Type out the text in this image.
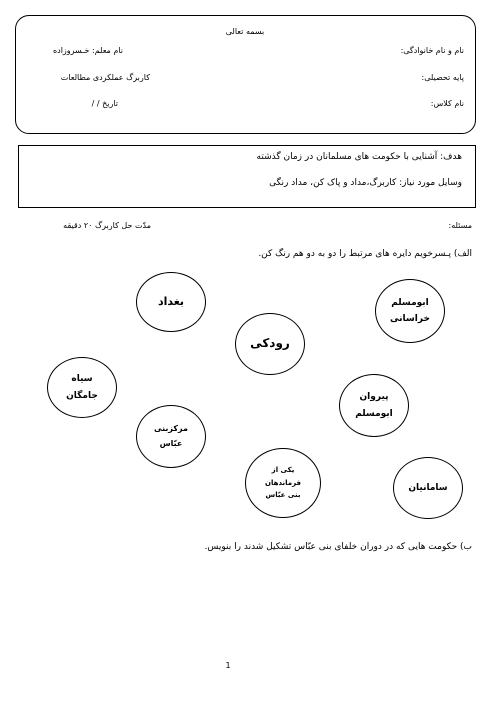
بسمه تعالی
نام و نام خانوادگی:
نام معلم: خـسروزاده
پایه تحصیلی:
کاربرگ عملکردی مطالعات
نام کلاس:
تاریخ / /
هدف: آشنایی با حکومت های مسلمانان در زمان گذشته
وسایل مورد نیاز: کاربرگ،مداد و پاک کن، مداد رنگی
مسئله:
مدّت حل کاربرگ ۲۰ دقیقه
الف) پـسرخویم دایره های مرتبط را دو به دو هم رنگ کن.
بغداد	ابومسلم
خراسانی
رودکی
سیاه
جامگان	پیروان
ابومسلم
مرکزبنی
عبّاس
یکی از
فرماندهان
بنی عبّاس
سامانیان
ب) حکومت هایی که در دوران خلفای بنی عبّاس تشکیل شدند را بنویس.
1
